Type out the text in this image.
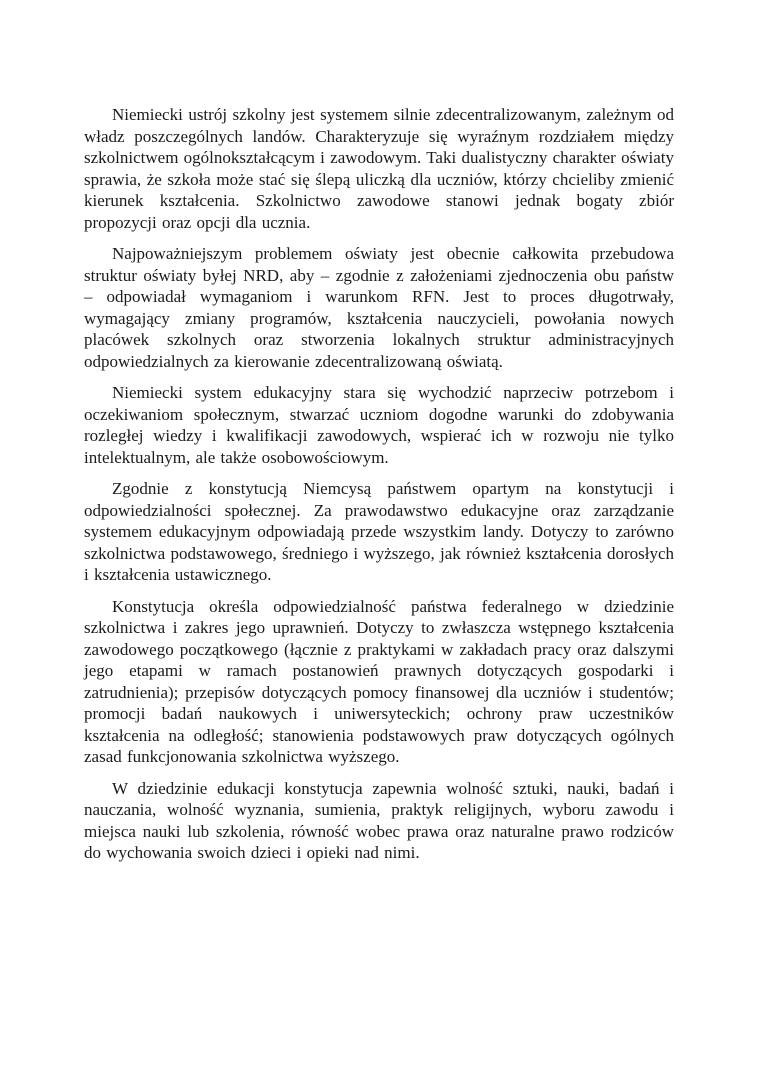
Niemiecki ustrój szkolny jest systemem silnie zdecentralizowanym, zależnym od władz poszczególnych landów. Charakteryzuje się wyraźnym rozdziałem między szkolnictwem ogólnokształcącym i zawodowym. Taki dualistyczny charakter oświaty sprawia, że szkoła może stać się ślepą uliczką dla uczniów, którzy chcieliby zmienić kierunek kształcenia. Szkolnictwo zawodowe stanowi jednak bogaty zbiór propozycji oraz opcji dla ucznia.

Najpoważniejszym problemem oświaty jest obecnie całkowita przebudowa struktur oświaty byłej NRD, aby – zgodnie z założeniami zjednoczenia obu państw – odpowiadał wymaganiom i warunkom RFN. Jest to proces długotrwały, wymagający zmiany programów, kształcenia nauczycieli, powołania nowych placówek szkolnych oraz stworzenia lokalnych struktur administracyjnych odpowiedzialnych za kierowanie zdecentralizowaną oświatą.

Niemiecki system edukacyjny stara się wychodzić naprzeciw potrzebom i oczekiwaniom społecznym, stwarzać uczniom dogodne warunki do zdobywania rozległej wiedzy i kwalifikacji zawodowych, wspierać ich w rozwoju nie tylko intelektualnym, ale także osobowościowym.

Zgodnie z konstytucją Niemcysą państwem opartym na konstytucji i odpowiedzialności społecznej. Za prawodawstwo edukacyjne oraz zarządzanie systemem edukacyjnym odpowiadają przede wszystkim landy. Dotyczy to zarówno szkolnictwa podstawowego, średniego i wyższego, jak również kształcenia dorosłych i kształcenia ustawicznego.

Konstytucja określa odpowiedzialność państwa federalnego w dziedzinie szkolnictwa i zakres jego uprawnień. Dotyczy to zwłaszcza wstępnego kształcenia zawodowego początkowego (łącznie z praktykami w zakładach pracy oraz dalszymi jego etapami w ramach postanowień prawnych dotyczących gospodarki i zatrudnienia); przepisów dotyczących pomocy finansowej dla uczniów i studentów; promocji badań naukowych i uniwersyteckich; ochrony praw uczestników kształcenia na odległość; stanowienia podstawowych praw dotyczących ogólnych zasad funkcjonowania szkolnictwa wyższego.

W dziedzinie edukacji konstytucja zapewnia wolność sztuki, nauki, badań i nauczania, wolność wyznania, sumienia, praktyk religijnych, wyboru zawodu i miejsca nauki lub szkolenia, równość wobec prawa oraz naturalne prawo rodziców do wychowania swoich dzieci i opieki nad nimi.
